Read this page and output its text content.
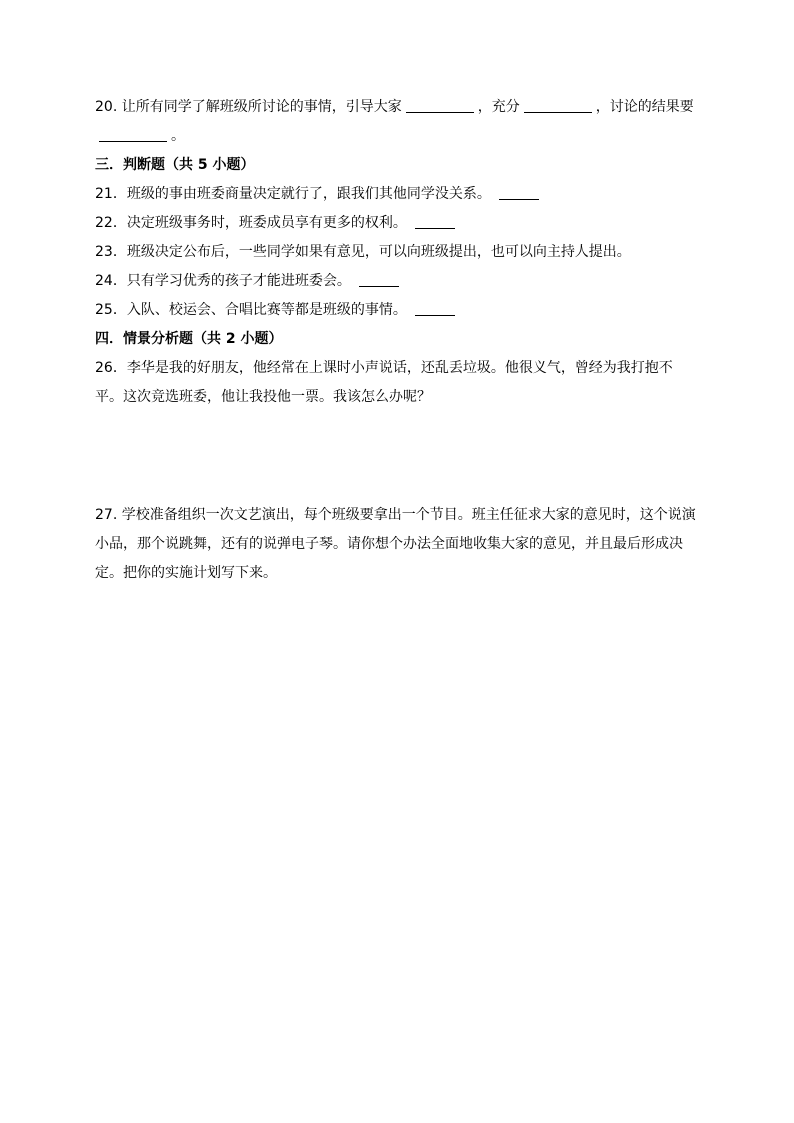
20. 让所有同学了解班级所讨论的事情，引导大家	，充分	，讨论的结果要。

三．判断题（共 5 小题）

21．班级的事由班委商量决定就行了，跟我们其他同学没关系。

22．决定班级事务时，班委成员享有更多的权利。

23．班级决定公布后，一些同学如果有意见，可以向班级提出，也可以向主持人提出。

24．只有学习优秀的孩子才能进班委会。

25．入队、校运会、合唱比赛等都是班级的事情。

四．情景分析题（共 2 小题）

26．李华是我的好朋友，他经常在上课时小声说话，还乱丢垃圾。他很义气，曾经为我打抱不平。这次竞选班委，他让我投他一票。我该怎么办呢？

27. 学校准备组织一次文艺演出，每个班级要拿出一个节目。班主任征求大家的意见时，这个说演小品，那个说跳舞，还有的说弹电子琴。请你想个办法全面地收集大家的意见，并且最后形成决定。把你的实施计划写下来。
